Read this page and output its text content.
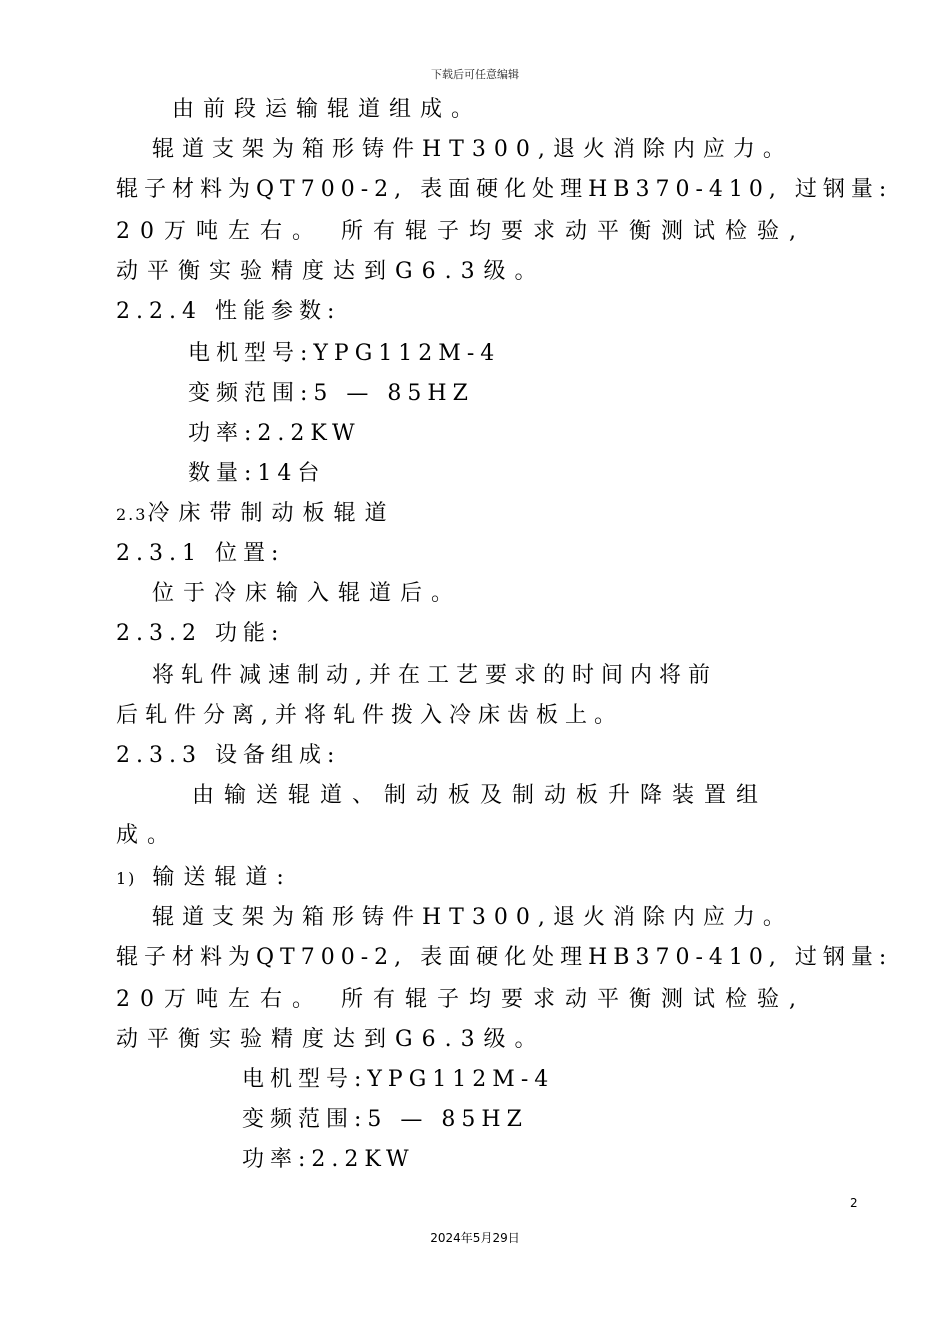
下载后可任意编辑
由前段运输辊道组成。
辊道支架为箱形铸件HT300,退火消除内应力。
辊子材料为QT700-2, 表面硬化处理HB370-410, 过钢量:
20万吨左右。 所有辊子均要求动平衡测试检验,
动平衡实验精度达到G6.3级。
2.2.4 性能参数:
电机型号:YPG112M-4
变频范围:5 — 85HZ
功率:2.2KW
数量:14台
2.3冷床带制动板辊道
2.3.1 位置:
位于冷床输入辊道后。
2.3.2 功能:
将轧件减速制动,并在工艺要求的时间内将前
后轧件分离,并将轧件拨入冷床齿板上。
2.3.3 设备组成:
由输送辊道、制动板及制动板升降装置组
成。
1) 输送辊道:
辊道支架为箱形铸件HT300,退火消除内应力。
辊子材料为QT700-2, 表面硬化处理HB370-410, 过钢量:
20万吨左右。 所有辊子均要求动平衡测试检验,
动平衡实验精度达到G6.3级。
电机型号:YPG112M-4
变频范围:5 — 85HZ
功率:2.2KW
2
2024年5月29日
